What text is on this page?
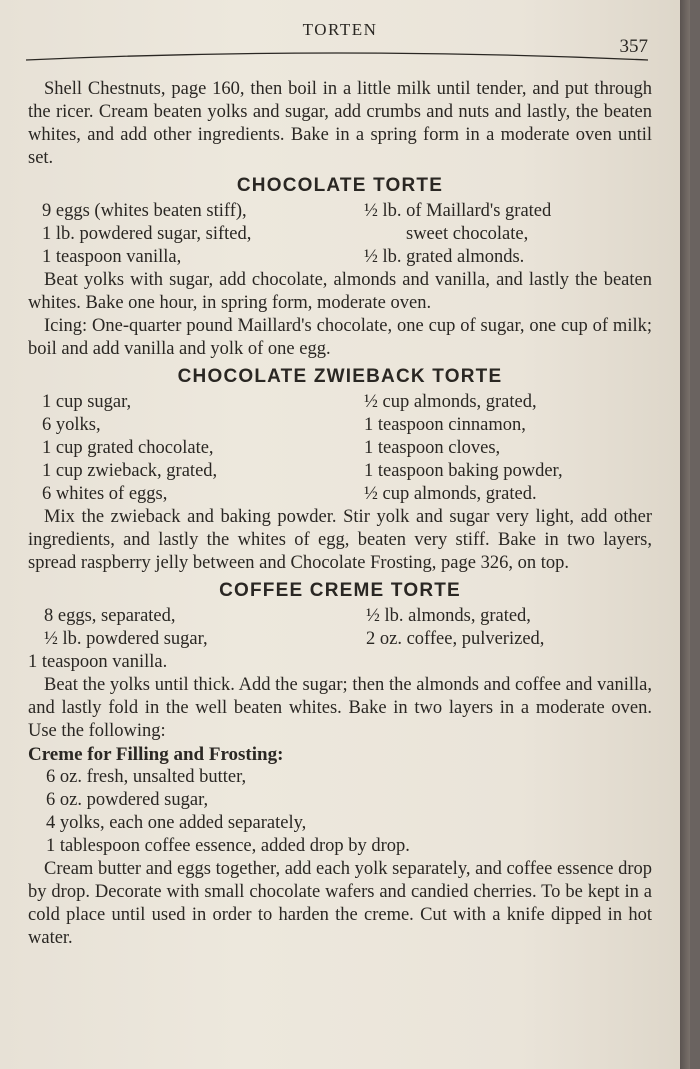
TORTEN
357

Shell Chestnuts, page 160, then boil in a little milk until tender, and put through the ricer. Cream beaten yolks and sugar, add crumbs and nuts and lastly, the beaten whites, and add other ingredients. Bake in a spring form in a moderate oven until set.

CHOCOLATE TORTE
9 eggs (whites beaten stiff),	½ lb. of Maillard's grated
1 lb. powdered sugar, sifted,	sweet chocolate,
1 teaspoon vanilla,	½ lb. grated almonds.

Beat yolks with sugar, add chocolate, almonds and vanilla, and lastly the beaten whites. Bake one hour, in spring form, moderate oven.

Icing: One-quarter pound Maillard's chocolate, one cup of sugar, one cup of milk; boil and add vanilla and yolk of one egg.

CHOCOLATE ZWIEBACK TORTE
1 cup sugar,	½ cup almonds, grated,
6 yolks,	1 teaspoon cinnamon,
1 cup grated chocolate,	1 teaspoon cloves,
1 cup zwieback, grated,	1 teaspoon baking powder,
6 whites of eggs,	½ cup almonds, grated.

Mix the zwieback and baking powder. Stir yolk and sugar very light, add other ingredients, and lastly the whites of egg, beaten very stiff. Bake in two layers, spread raspberry jelly between and Chocolate Frosting, page 326, on top.

COFFEE CREME TORTE
8 eggs, separated,	½ lb. almonds, grated,
½ lb. powdered sugar,	2 oz. coffee, pulverized,

1 teaspoon vanilla.

Beat the yolks until thick. Add the sugar; then the almonds and coffee and vanilla, and lastly fold in the well beaten whites. Bake in two layers in a moderate oven. Use the following:

Creme for Filling and Frosting:

6 oz. fresh, unsalted butter,

6 oz. powdered sugar,

4 yolks, each one added separately,

1 tablespoon coffee essence, added drop by drop.

Cream butter and eggs together, add each yolk separately, and coffee essence drop by drop. Decorate with small chocolate wafers and candied cherries. To be kept in a cold place until used in order to harden the creme. Cut with a knife dipped in hot water.
